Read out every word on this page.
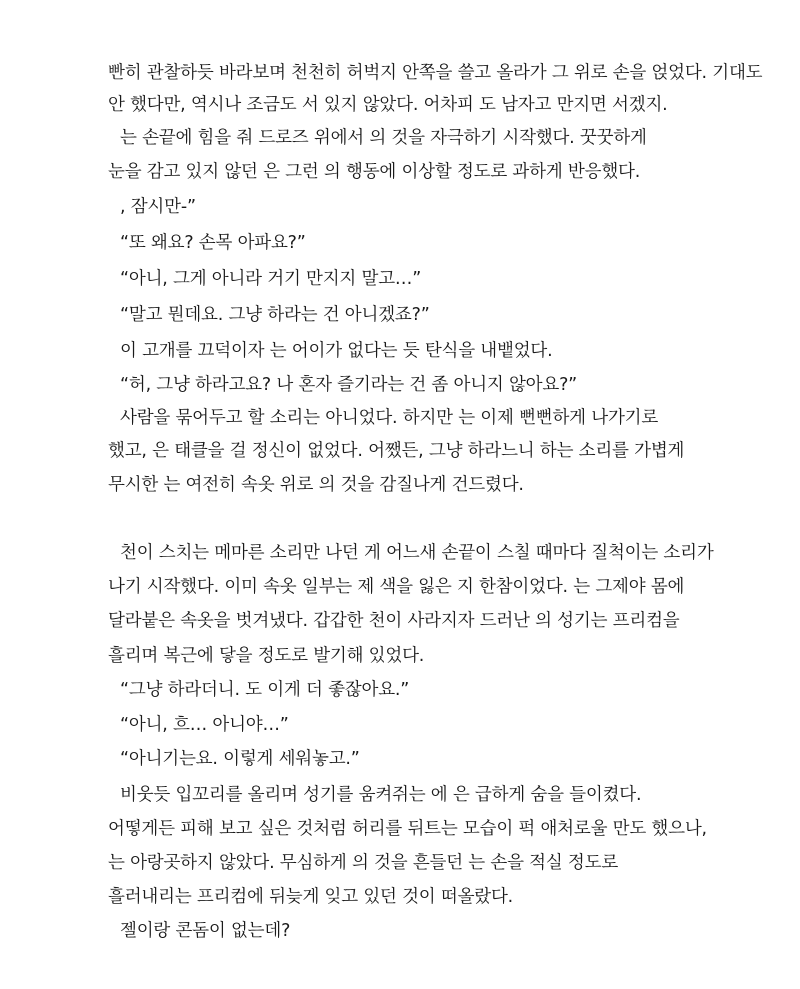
빤히 관찰하듯 바라보며 천천히 허벅지 안쪽을 쓸고 올라가 그 위로 손을 얹었다. 기대도
안 했다만, 역시나 조금도 서 있지 않았다. 어차피 도 남자고 만지면 서겠지.
는 손끝에 힘을 줘 드로즈 위에서 의 것을 자극하기 시작했다. 꿋꿋하게
눈을 감고 있지 않던 은 그런 의 행동에 이상할 정도로 과하게 반응했다.
, 잠시만-”
“또 왜요? 손목 아파요?”
“아니, 그게 아니라 거기 만지지 말고…”
“말고 뭔데요. 그냥 하라는 건 아니겠죠?”
이 고개를 끄덕이자 는 어이가 없다는 듯 탄식을 내뱉었다.
“허, 그냥 하라고요? 나 혼자 즐기라는 건 좀 아니지 않아요?”
사람을 묶어두고 할 소리는 아니었다. 하지만 는 이제 뻔뻔하게 나가기로
했고, 은 태클을 걸 정신이 없었다. 어쨌든, 그냥 하라느니 하는 소리를 가볍게
무시한 는 여전히 속옷 위로 의 것을 감질나게 건드렸다.
천이 스치는 메마른 소리만 나던 게 어느새 손끝이 스칠 때마다 질척이는 소리가
나기 시작했다. 이미 속옷 일부는 제 색을 잃은 지 한참이었다. 는 그제야 몸에
달라붙은 속옷을 벗겨냈다. 갑갑한 천이 사라지자 드러난 의 성기는 프리컴을
흘리며 복근에 닿을 정도로 발기해 있었다.
“그냥 하라더니. 도 이게 더 좋잖아요.”
“아니, 흐… 아니야…”
“아니기는요. 이렇게 세워놓고.”
비웃듯 입꼬리를 올리며 성기를 움켜쥐는 에 은 급하게 숨을 들이켰다.
어떻게든 피해 보고 싶은 것처럼 허리를 뒤트는 모습이 퍽 애처로울 만도 했으나,
는 아랑곳하지 않았다. 무심하게 의 것을 흔들던 는 손을 적실 정도로
흘러내리는 프리컴에 뒤늦게 잊고 있던 것이 떠올랐다.
젤이랑 콘돔이 없는데?
